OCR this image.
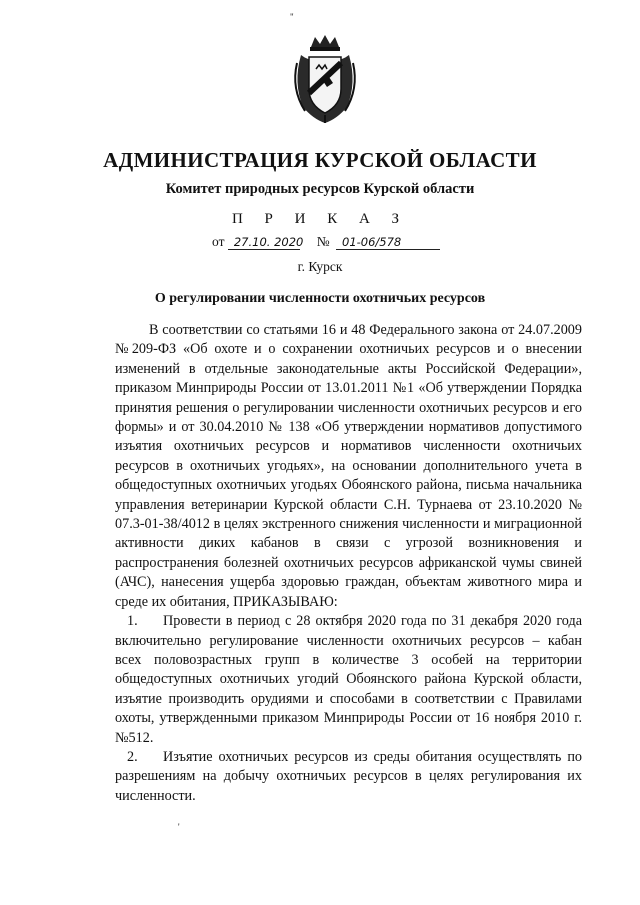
"
АДМИНИСТРАЦИЯ КУРСКОЙ ОБЛАСТИ
Комитет природных ресурсов Курской области
П Р И К А З
от 27.10. 2020 № 01-06/578
г. Курск
О регулировании численности охотничьих ресурсов

В соответствии со статьями 16 и 48 Федерального закона от 24.07.2009 №209-ФЗ «Об охоте и о сохранении охотничьих ресурсов и о внесении изменений в отдельные законодательные акты Российской Федерации», приказом Минприроды России от 13.01.2011 №1 «Об утверждении Порядка принятия решения о регулировании численности охотничьих ресурсов и его формы» и от 30.04.2010 № 138 «Об утверждении нормативов допустимого изъятия охотничьих ресурсов и нормативов численности охотничьих ресурсов в охотничьих угодьях», на основании дополнительного учета в общедоступных охотничьих угодьях Обоянского района, письма начальника управления ветеринарии Курской области С.Н. Турнаева от 23.10.2020 № 07.3-01-38/4012 в целях экстренного снижения численности и миграционной активности диких кабанов в связи с угрозой возникновения и распространения болезней охотничьих ресурсов африканской чумы свиней (АЧС), нанесения ущерба здоровью граждан, объектам животного мира и среде их обитания, ПРИКАЗЫВАЮ:

1. Провести в период с 28 октября 2020 года по 31 декабря 2020 года включительно регулирование численности охотничьих ресурсов – кабан всех половозрастных групп в количестве 3 особей на территории общедоступных охотничьих угодий Обоянского района Курской области, изъятие производить орудиями и способами в соответствии с Правилами охоты, утвержденными приказом Минприроды России от 16 ноября 2010 г. №512.

2. Изъятие охотничьих ресурсов из среды обитания осуществлять по разрешениям на добычу охотничьих ресурсов в целях регулирования их численности.

'
